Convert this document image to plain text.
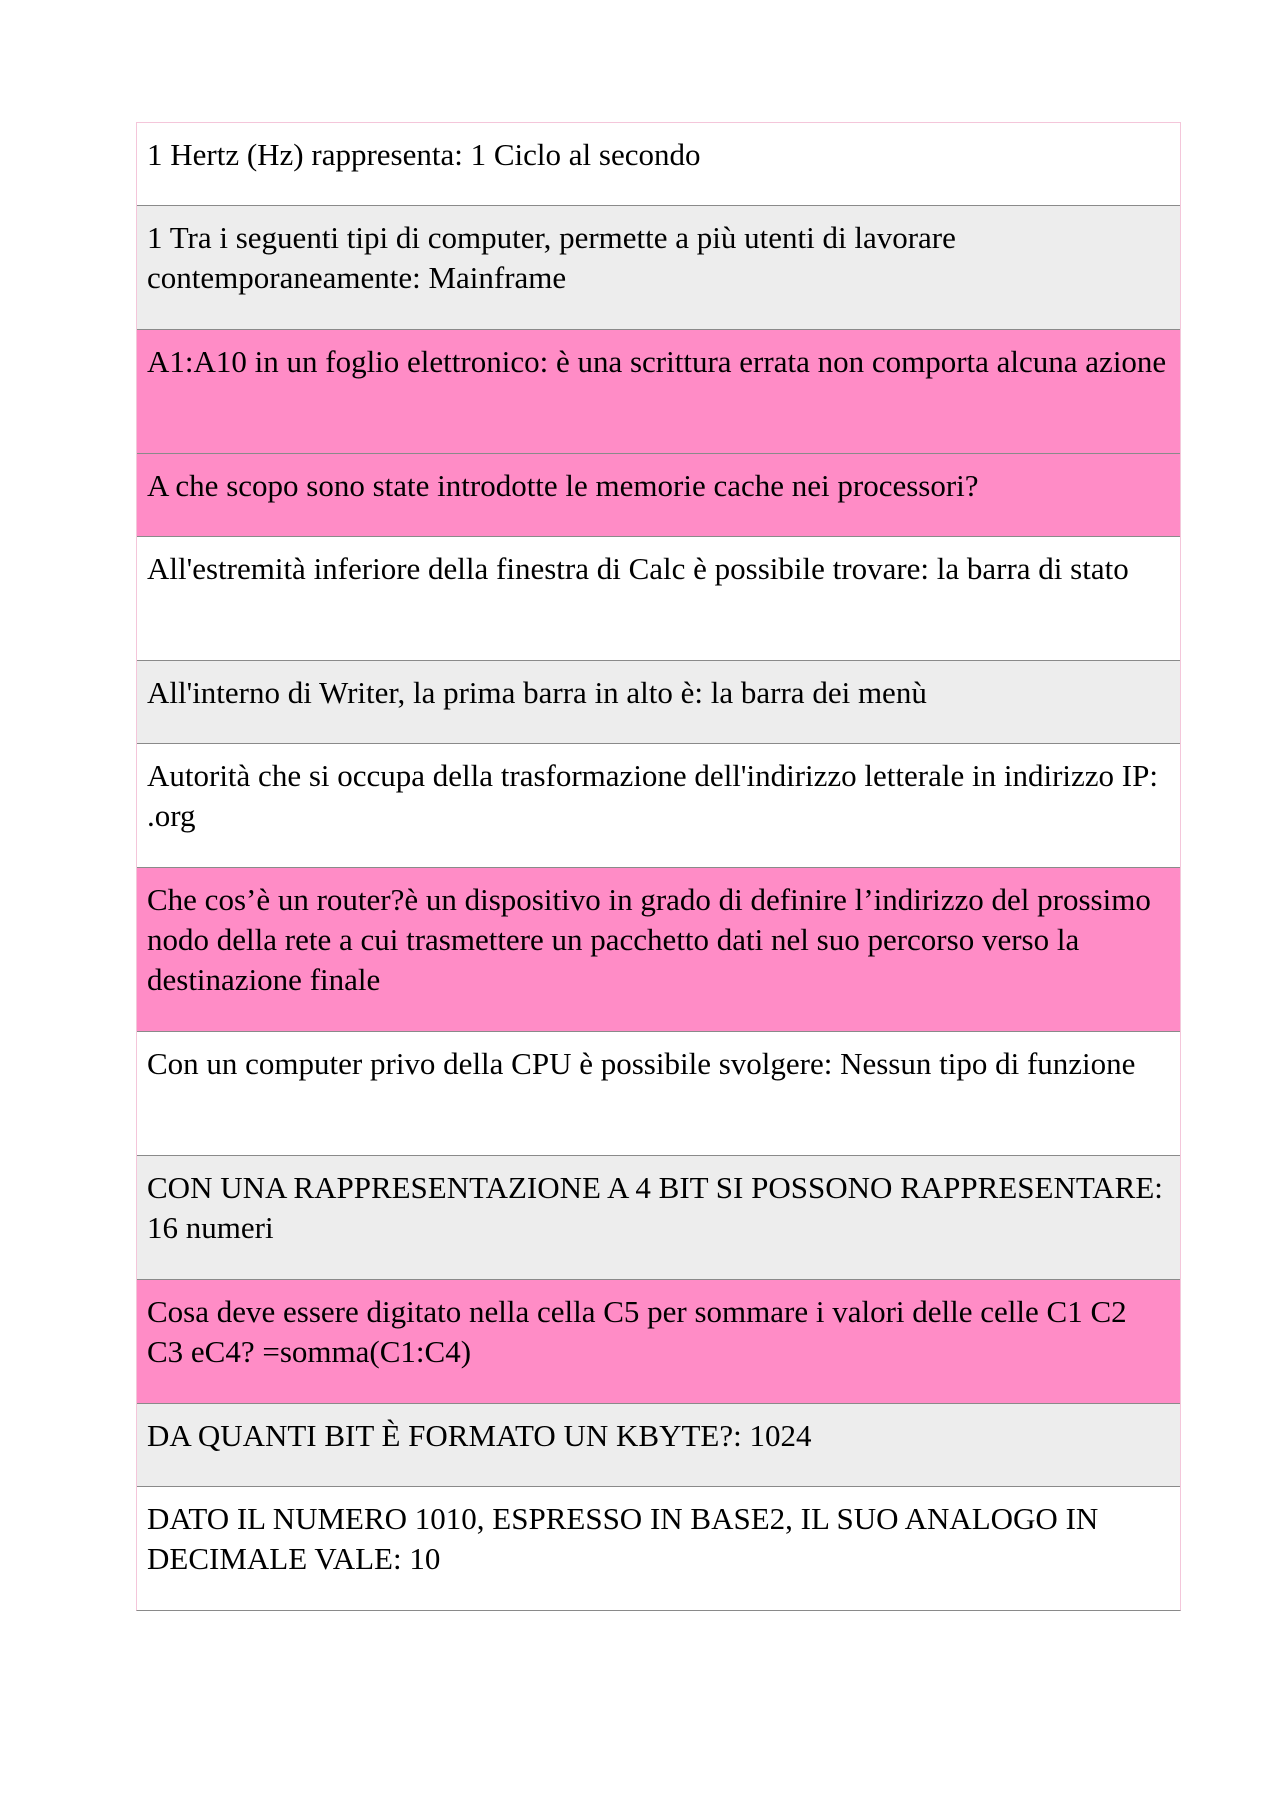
1 Hertz (Hz) rappresenta: 1 Ciclo al secondo
1 Tra i seguenti tipi di computer, permette a più utenti di lavorare contemporaneamente: Mainframe
A1:A10 in un foglio elettronico: è una scrittura errata non comporta alcuna azione
A che scopo sono state introdotte le memorie cache nei processori?
All'estremità inferiore della finestra di Calc è possibile trovare: la barra di stato
All'interno di Writer, la prima barra in alto è: la barra dei menù
Autorità che si occupa della trasformazione dell'indirizzo letterale in indirizzo IP: .org
Che cos’è un router?è un dispositivo in grado di definire l’indirizzo del prossimo nodo della rete a cui trasmettere un pacchetto dati nel suo percorso verso la destinazione finale
Con un computer privo della CPU è possibile svolgere: Nessun tipo di funzione
CON UNA RAPPRESENTAZIONE A 4 BIT SI POSSONO RAPPRESENTARE: 16 numeri
Cosa deve essere digitato nella cella C5 per sommare i valori delle celle C1 C2 C3 eC4? =somma(C1:C4)
DA QUANTI BIT È FORMATO UN KBYTE?: 1024
DATO IL NUMERO 1010, ESPRESSO IN BASE2, IL SUO ANALOGO IN DECIMALE VALE: 10
